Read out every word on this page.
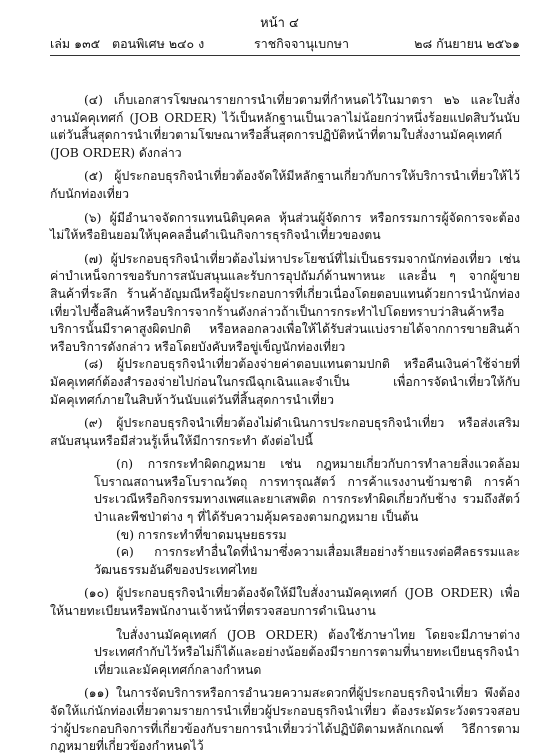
หน้า ๔
เล่ม ๑๓๕ ตอนพิเศษ ๒๔๐ ง	ราชกิจจานุเบกษา	๒๘ กันยายน ๒๕๖๑

(๔) เก็บเอกสารโฆษณารายการนำเที่ยวตามที่กำหนดไว้ในมาตรา ๒๖ และใบสั่งงานมัคคุเทศก์ (JOB ORDER) ไว้เป็นหลักฐานเป็นเวลาไม่น้อยกว่าหนึ่งร้อยแปดสิบวันนับแต่วันสิ้นสุดการนำเที่ยวตามโฆษณาหรือสิ้นสุดการปฏิบัติหน้าที่ตามใบสั่งงานมัคคุเทศก์ (JOB ORDER) ดังกล่าว

(๕) ผู้ประกอบธุรกิจนำเที่ยวต้องจัดให้มีหลักฐานเกี่ยวกับการให้บริการนำเที่ยวให้ไว้กับนักท่องเที่ยว

(๖) ผู้มีอำนาจจัดการแทนนิติบุคคล หุ้นส่วนผู้จัดการ หรือกรรมการผู้จัดการจะต้องไม่ให้หรือยินยอมให้บุคคลอื่นดำเนินกิจการธุรกิจนำเที่ยวของตน

(๗) ผู้ประกอบธุรกิจนำเที่ยวต้องไม่หาประโยชน์ที่ไม่เป็นธรรมจากนักท่องเที่ยว เช่น ค่าบำเหน็จการขอรับการสนับสนุนและรับการอุปถัมภ์ด้านพาหนะ และอื่น ๆ จากผู้ขายสินค้าที่ระลึก ร้านค้าอัญมณีหรือผู้ประกอบการที่เกี่ยวเนื่องโดยตอบแทนด้วยการนำนักท่องเที่ยวไปซื้อสินค้าหรือบริการจากร้านดังกล่าวถ้าเป็นการกระทำไปโดยทราบว่าสินค้าหรือบริการนั้นมีราคาสูงผิดปกติ หรือหลอกลวงเพื่อให้ได้รับส่วนแบ่งรายได้จากการขายสินค้าหรือบริการดังกล่าว หรือโดยบังคับหรือขู่เข็ญนักท่องเที่ยว

(๘) ผู้ประกอบธุรกิจนำเที่ยวต้องจ่ายค่าตอบแทนตามปกติ หรือคืนเงินค่าใช้จ่ายที่มัคคุเทศก์ต้องสำรองจ่ายไปก่อนในกรณีฉุกเฉินและจำเป็น เพื่อการจัดนำเที่ยวให้กับมัคคุเทศก์ภายในสิบห้าวันนับแต่วันที่สิ้นสุดการนำเที่ยว

(๙) ผู้ประกอบธุรกิจนำเที่ยวต้องไม่ดำเนินการประกอบธุรกิจนำเที่ยว หรือส่งเสริมสนับสนุนหรือมีส่วนรู้เห็นให้มีการกระทำ ดังต่อไปนี้

(ก) การกระทำผิดกฎหมาย เช่น กฎหมายเกี่ยวกับการทำลายสิ่งแวดล้อม โบราณสถานหรือโบราณวัตถุ การทารุณสัตว์ การค้าแรงงานข้ามชาติ การค้าประเวณีหรือกิจกรรมทางเพศและยาเสพติด การกระทำผิดเกี่ยวกับช้าง รวมถึงสัตว์ป่าและพืชป่าต่าง ๆ ที่ได้รับความคุ้มครองตามกฎหมาย เป็นต้น

(ข) การกระทำที่ขาดมนุษยธรรม

(ค) การกระทำอื่นใดที่นำมาซึ่งความเสื่อมเสียอย่างร้ายแรงต่อศีลธรรมและวัฒนธรรมอันดีของประเทศไทย

(๑๐) ผู้ประกอบธุรกิจนำเที่ยวต้องจัดให้มีใบสั่งงานมัคคุเทศก์ (JOB ORDER) เพื่อให้นายทะเบียนหรือพนักงานเจ้าหน้าที่ตรวจสอบการดำเนินงาน

ใบสั่งงานมัคคุเทศก์ (JOB ORDER) ต้องใช้ภาษาไทย โดยจะมีภาษาต่างประเทศกำกับไว้หรือไม่ก็ได้และอย่างน้อยต้องมีรายการตามที่นายทะเบียนธุรกิจนำเที่ยวและมัคคุเทศก์กลางกำหนด

(๑๑) ในการจัดบริการหรือการอำนวยความสะดวกที่ผู้ประกอบธุรกิจนำเที่ยว พึงต้องจัดให้แก่นักท่องเที่ยวตามรายการนำเที่ยวผู้ประกอบธุรกิจนำเที่ยว ต้องระมัดระวังตรวจสอบว่าผู้ประกอบกิจการที่เกี่ยวข้องกับรายการนำเที่ยวว่าได้ปฏิบัติตามหลักเกณฑ์ วิธีการตามกฎหมายที่เกี่ยวข้องกำหนดไว้
